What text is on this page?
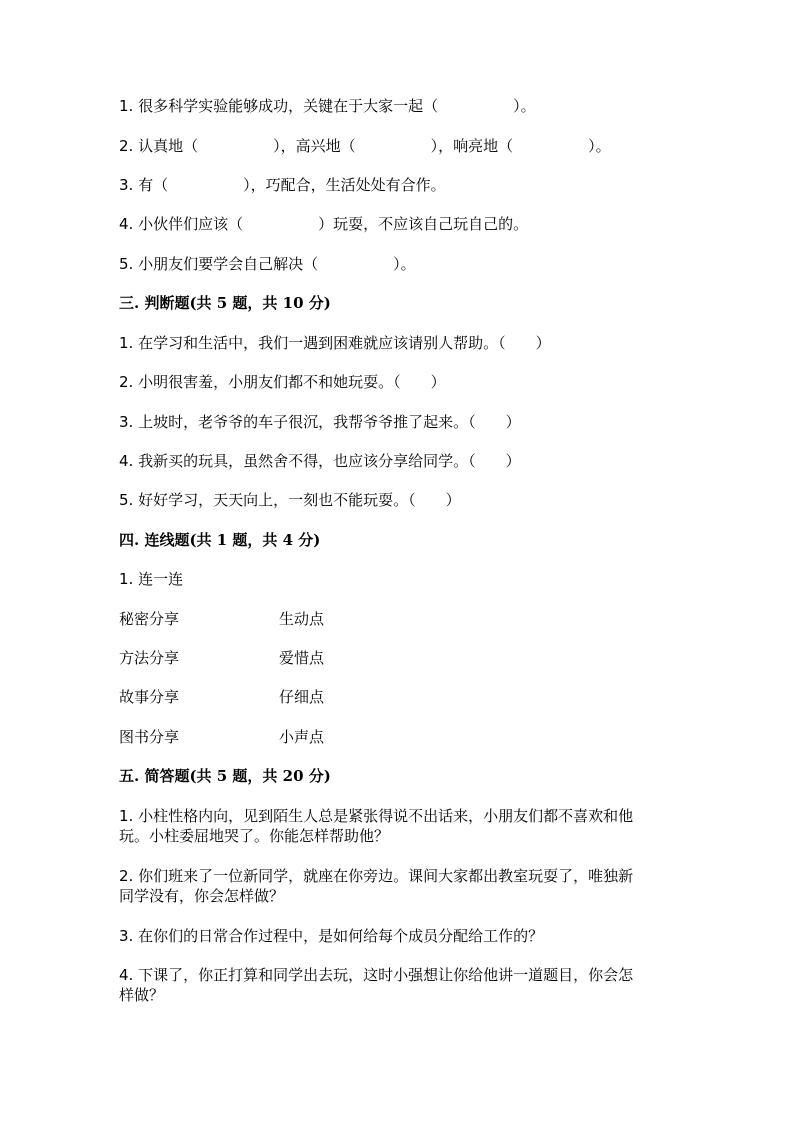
1. 很多科学实验能够成功，关键在于大家一起（　　　　　）。
2. 认真地（　　　　　），高兴地（　　　　　），响亮地（　　　　　）。
3. 有（　　　　　），巧配合，生活处处有合作。
4. 小伙伴们应该（　　　　　）玩耍，不应该自己玩自己的。
5. 小朋友们要学会自己解决（　　　　　）。
三. 判断题(共 5 题，共 10 分)
1. 在学习和生活中，我们一遇到困难就应该请别人帮助。（　　）
2. 小明很害羞，小朋友们都不和她玩耍。（　　）
3. 上坡时，老爷爷的车子很沉，我帮爷爷推了起来。（　　）
4. 我新买的玩具，虽然舍不得，也应该分享给同学。（　　）
5. 好好学习，天天向上，一刻也不能玩耍。（　　）
四. 连线题(共 1 题，共 4 分)
1. 连一连
秘密分享	生动点
方法分享	爱惜点
故事分享	仔细点
图书分享	小声点
五. 简答题(共 5 题，共 20 分)
1. 小柱性格内向，见到陌生人总是紧张得说不出话来，小朋友们都不喜欢和他
玩。小柱委屈地哭了。你能怎样帮助他？
2. 你们班来了一位新同学，就座在你旁边。课间大家都出教室玩耍了，唯独新
同学没有，你会怎样做？
3. 在你们的日常合作过程中，是如何给每个成员分配给工作的？
4. 下课了，你正打算和同学出去玩，这时小强想让你给他讲一道题目，你会怎
样做？
